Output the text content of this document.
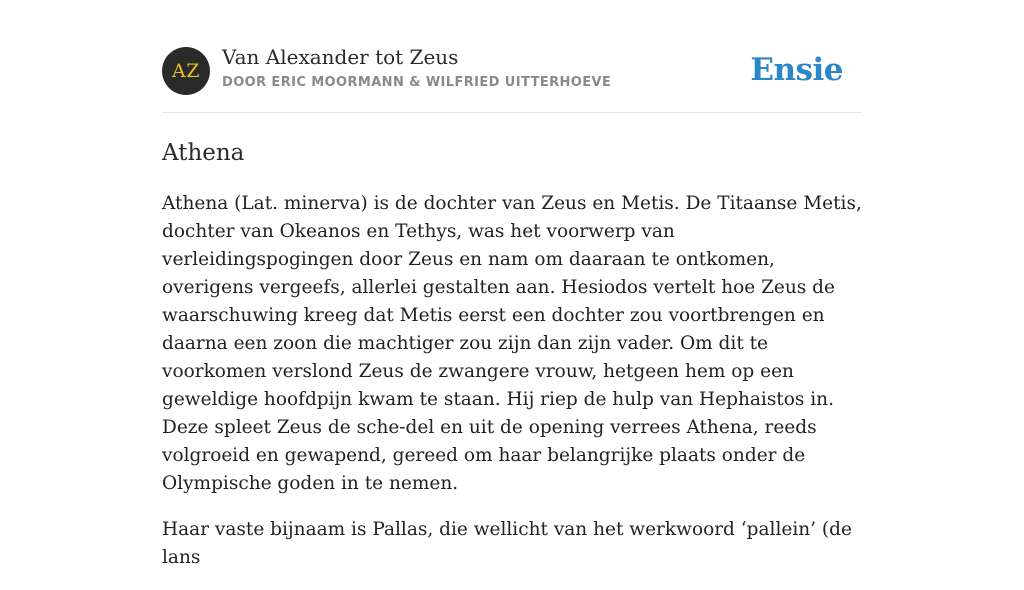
AZ
Van Alexander tot Zeus
DOOR ERIC MOORMANN & WILFRIED UITTERHOEVE	Ensie
Athena

Athena (Lat. minerva) is de dochter van Zeus en Metis. De Titaanse Metis, dochter van Okeanos en Tethys, was het voorwerp van verleidingspogingen door Zeus en nam om daaraan te ontkomen, overigens vergeefs, allerlei gestalten aan. Hesiodos vertelt hoe Zeus de waarschuwing kreeg dat Metis eerst een dochter zou voortbrengen en daarna een zoon die machtiger zou zijn dan zijn vader. Om dit te voorkomen verslond Zeus de zwangere vrouw, hetgeen hem op een geweldige hoofdpijn kwam te staan. Hij riep de hulp van Hephaistos in. Deze spleet Zeus de sche-del en uit de opening verrees Athena, reeds volgroeid en gewapend, gereed om haar belangrijke plaats onder de Olympische goden in te nemen.

Haar vaste bijnaam is Pallas, die wellicht van het werkwoord ‘pallein’ (de lans
